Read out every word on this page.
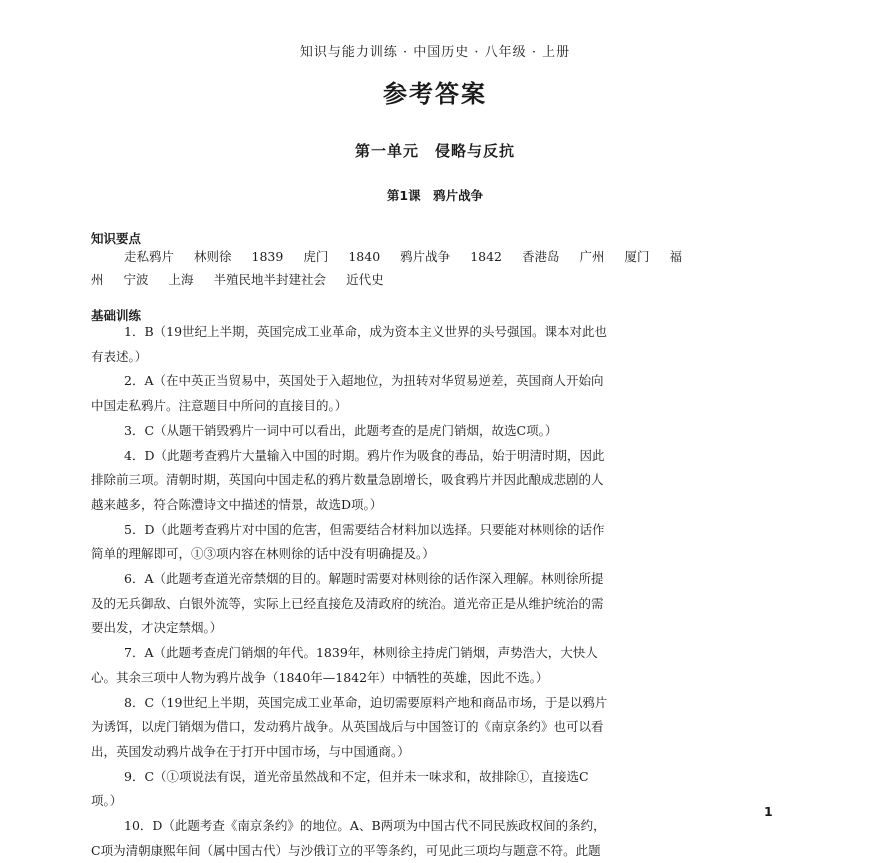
知识与能力训练 · 中国历史 · 八年级 · 上册
参考答案
第一单元　侵略与反抗
第1课　鸦片战争
知识要点
走私鸦片 林则徐 1839 虎门 1840 鸦片战争 1842 香港岛 广州 厦门 福
州 宁波 上海 半殖民地半封建社会 近代史
基础训练
1．B（19世纪上半期，英国完成工业革命，成为资本主义世界的头号强国。课本对此也
有表述。）
2．A（在中英正当贸易中，英国处于入超地位，为扭转对华贸易逆差，英国商人开始向
中国走私鸦片。注意题目中所问的直接目的。）
3．C（从题干销毁鸦片一词中可以看出，此题考查的是虎门销烟，故选C项。）
4．D（此题考查鸦片大量输入中国的时期。鸦片作为吸食的毒品，始于明清时期，因此
排除前三项。清朝时期，英国向中国走私的鸦片数量急剧增长，吸食鸦片并因此酿成悲剧的人
越来越多，符合陈澧诗文中描述的情景，故选D项。）
5．D（此题考查鸦片对中国的危害，但需要结合材料加以选择。只要能对林则徐的话作
简单的理解即可，①③项内容在林则徐的话中没有明确提及。）
6．A（此题考查道光帝禁烟的目的。解题时需要对林则徐的话作深入理解。林则徐所提
及的无兵御敌、白银外流等，实际上已经直接危及清政府的统治。道光帝正是从维护统治的需
要出发，才决定禁烟。）
7．A（此题考查虎门销烟的年代。1839年，林则徐主持虎门销烟，声势浩大，大快人
心。其余三项中人物为鸦片战争（1840年—1842年）中牺牲的英雄，因此不选。）
8．C（19世纪上半期，英国完成工业革命，迫切需要原料产地和商品市场，于是以鸦片
为诱饵，以虎门销烟为借口，发动鸦片战争。从英国战后与中国签订的《南京条约》也可以看
出，英国发动鸦片战争在于打开中国市场，与中国通商。）
9．C（①项说法有误，道光帝虽然战和不定，但并未一味求和，故排除①，直接选C
项。）
10．D（此题考查《南京条约》的地位。A、B两项为中国古代不同民族政权间的条约，
C项为清朝康熙年间（属中国古代）与沙俄订立的平等条约，可见此三项均与题意不符。此题
1
